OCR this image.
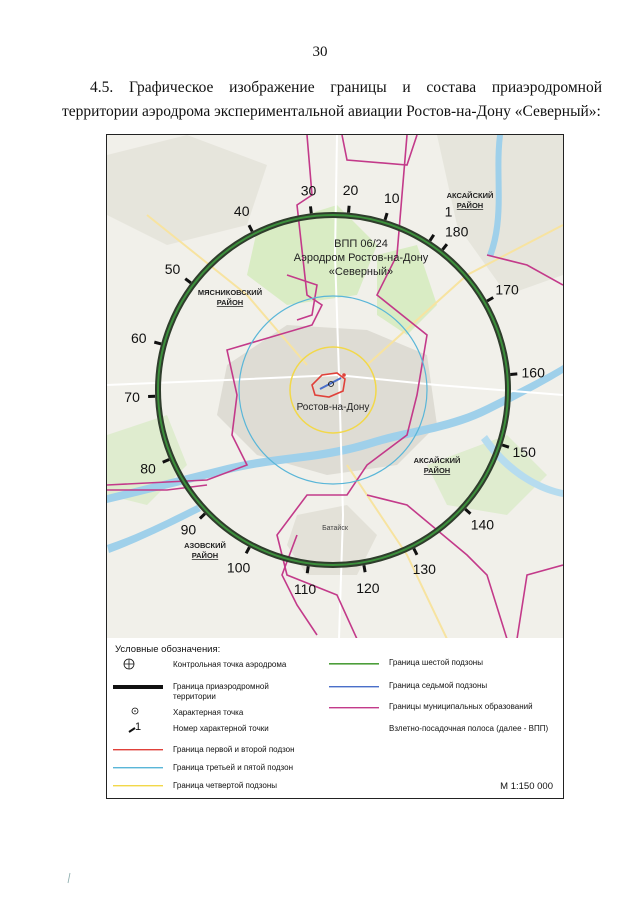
30
4.5. Графическое изображение границы и состава приаэродромной территории аэродрома экспериментальной авиации Ростов-на-Дону «Северный»:
1
10
20
30
40
50
60
70
80
90
100
110	120
130
140
150
160
170
180
ВПП 06/24
Аэродром Ростов-на-Дону
«Северный»
Ростов-на-Дону
Батайск
МЯСНИКОВСКИЙ
РАЙОН
АКСАЙСКИЙ
РАЙОН
АКСАЙСКИЙ
РАЙОН
АЗОВСКИЙ
РАЙОН
Условные обозначения:
Контрольная точка аэродрома
Граница приаэродромной территории
Характерная точка
1	Номер характерной точки
Граница первой и второй подзон
Граница третьей и пятой подзон
Граница четвертой подзоны
Граница шестой подзоны
Граница седьмой подзоны
Границы муниципальных образований
Взлетно-посадочная полоса (далее - ВПП)
М 1:150 000
